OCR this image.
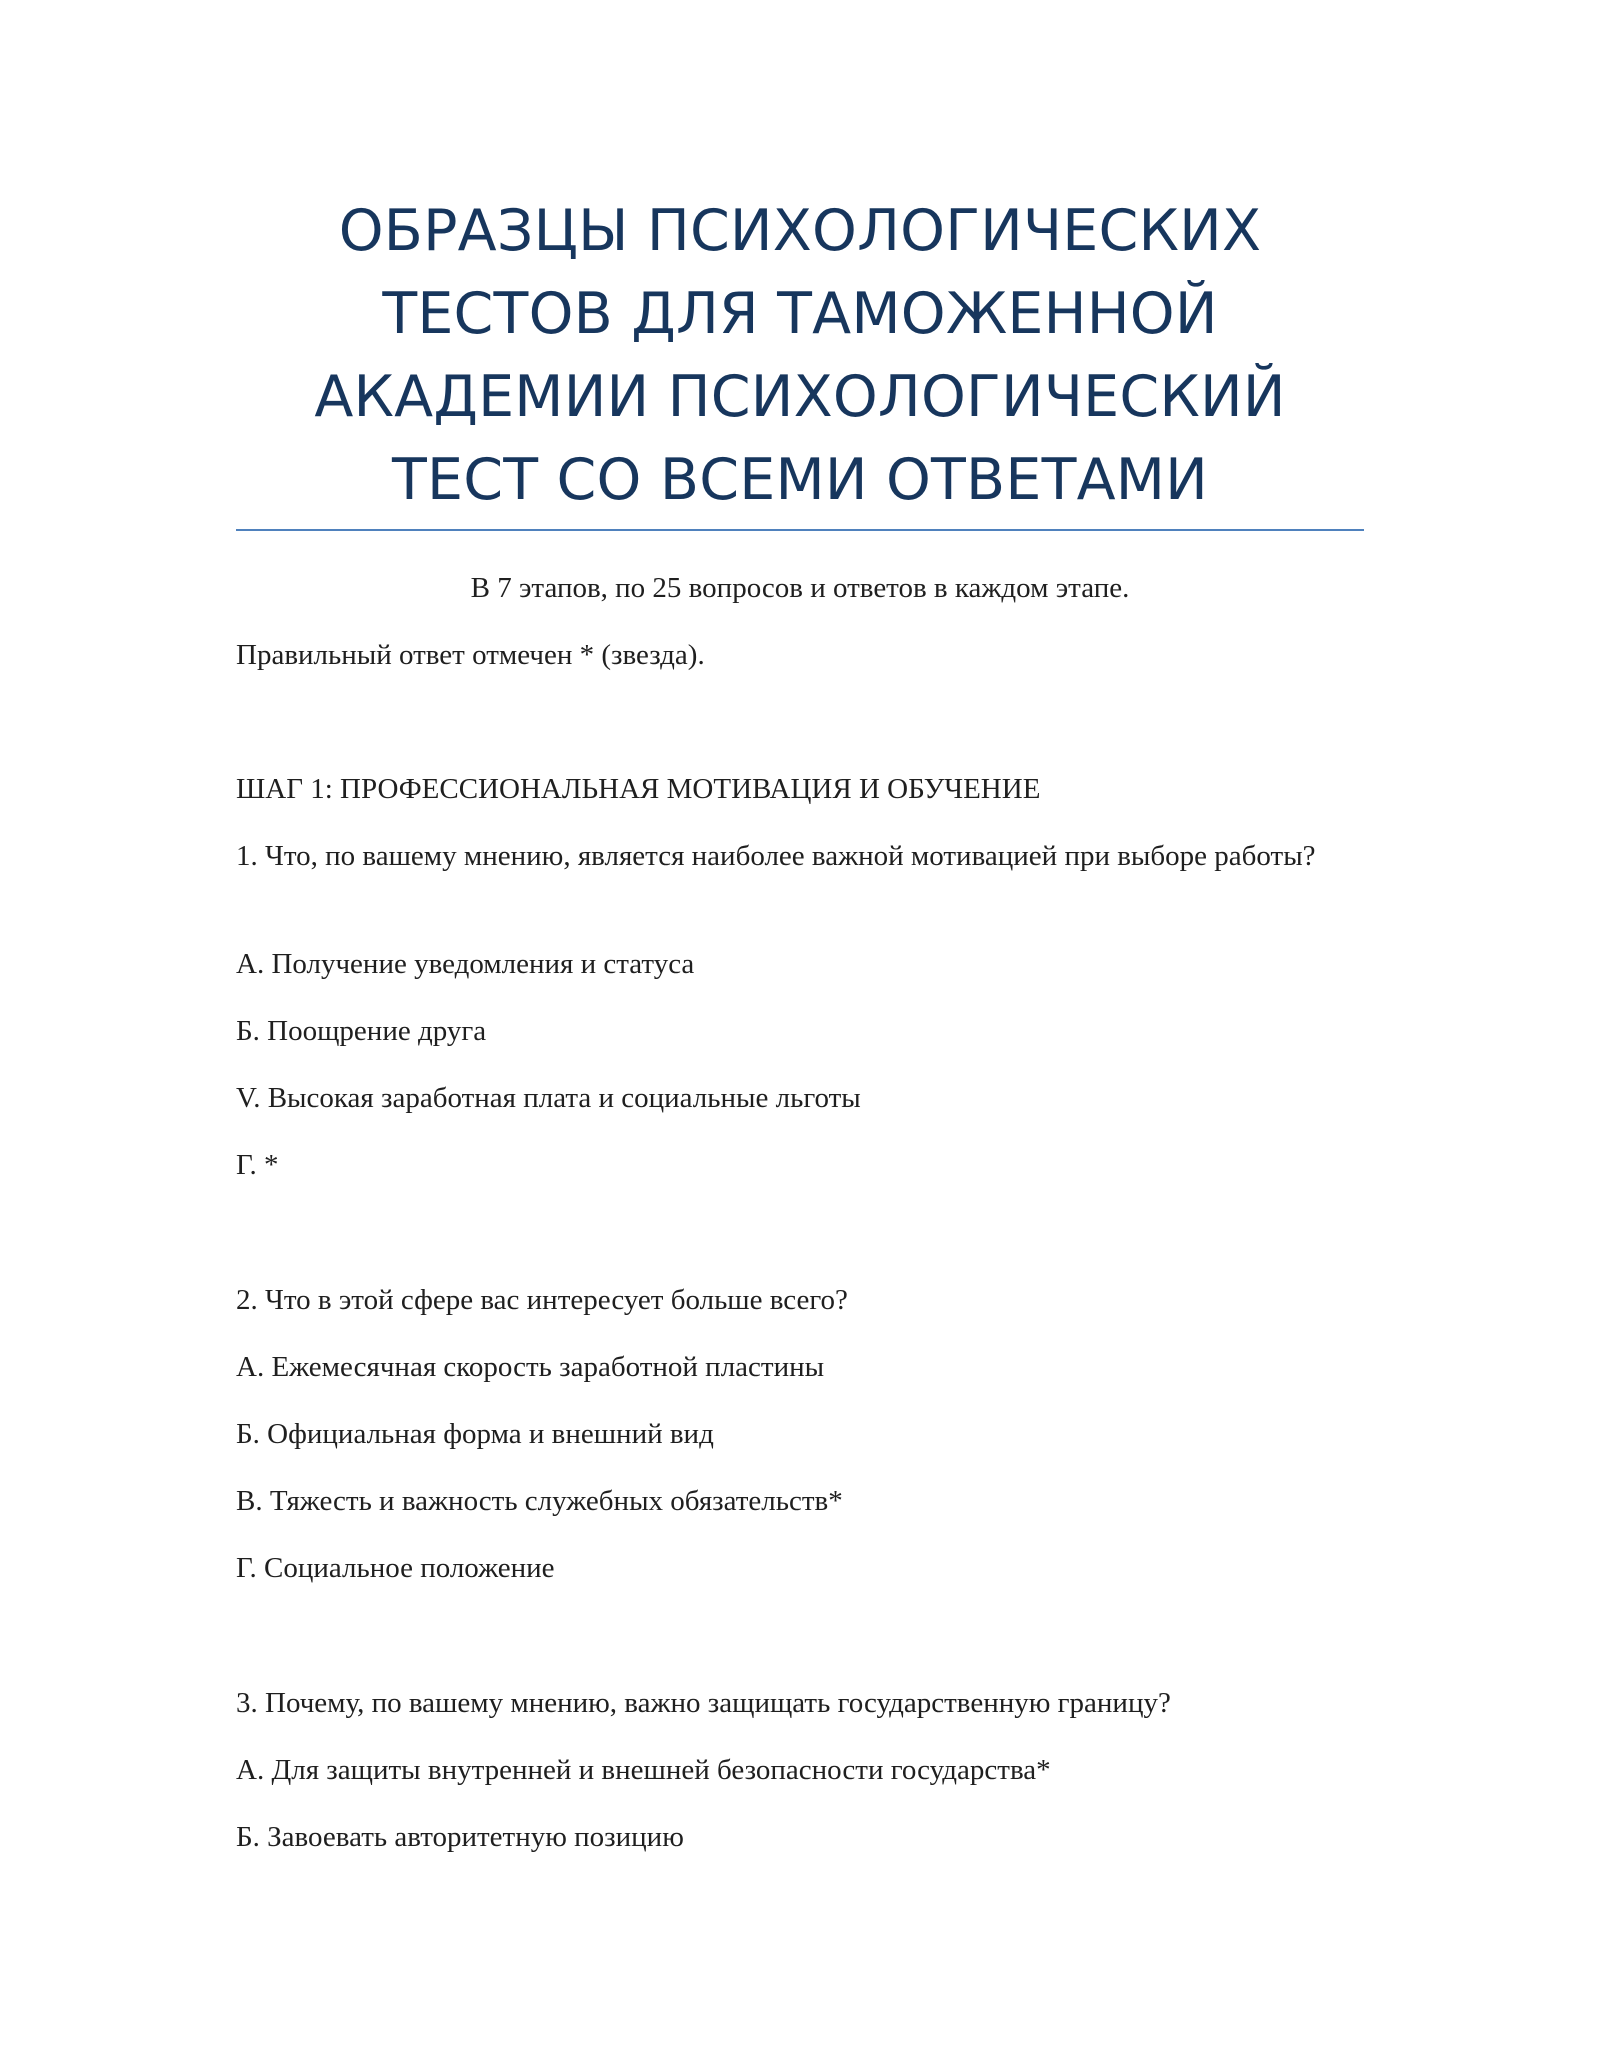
ОБРАЗЦЫ ПСИХОЛОГИЧЕСКИХ ТЕСТОВ ДЛЯ ТАМОЖЕННОЙ АКАДЕМИИ ПСИХОЛОГИЧЕСКИЙ ТЕСТ СО ВСЕМИ ОТВЕТАМИ

В 7 этапов, по 25 вопросов и ответов в каждом этапе.

Правильный ответ отмечен * (звезда).

ШАГ 1: ПРОФЕССИОНАЛЬНАЯ МОТИВАЦИЯ И ОБУЧЕНИЕ

1. Что, по вашему мнению, является наиболее важной мотивацией при выборе работы?

А. Получение уведомления и статуса

Б. Поощрение друга

V. Высокая заработная плата и социальные льготы

Г. *

2. Что в этой сфере вас интересует больше всего?

А. Ежемесячная скорость заработной пластины

Б. Официальная форма и внешний вид

В. Тяжесть и важность служебных обязательств*

Г. Социальное положение

3. Почему, по вашему мнению, важно защищать государственную границу?

А. Для защиты внутренней и внешней безопасности государства*

Б. Завоевать авторитетную позицию
